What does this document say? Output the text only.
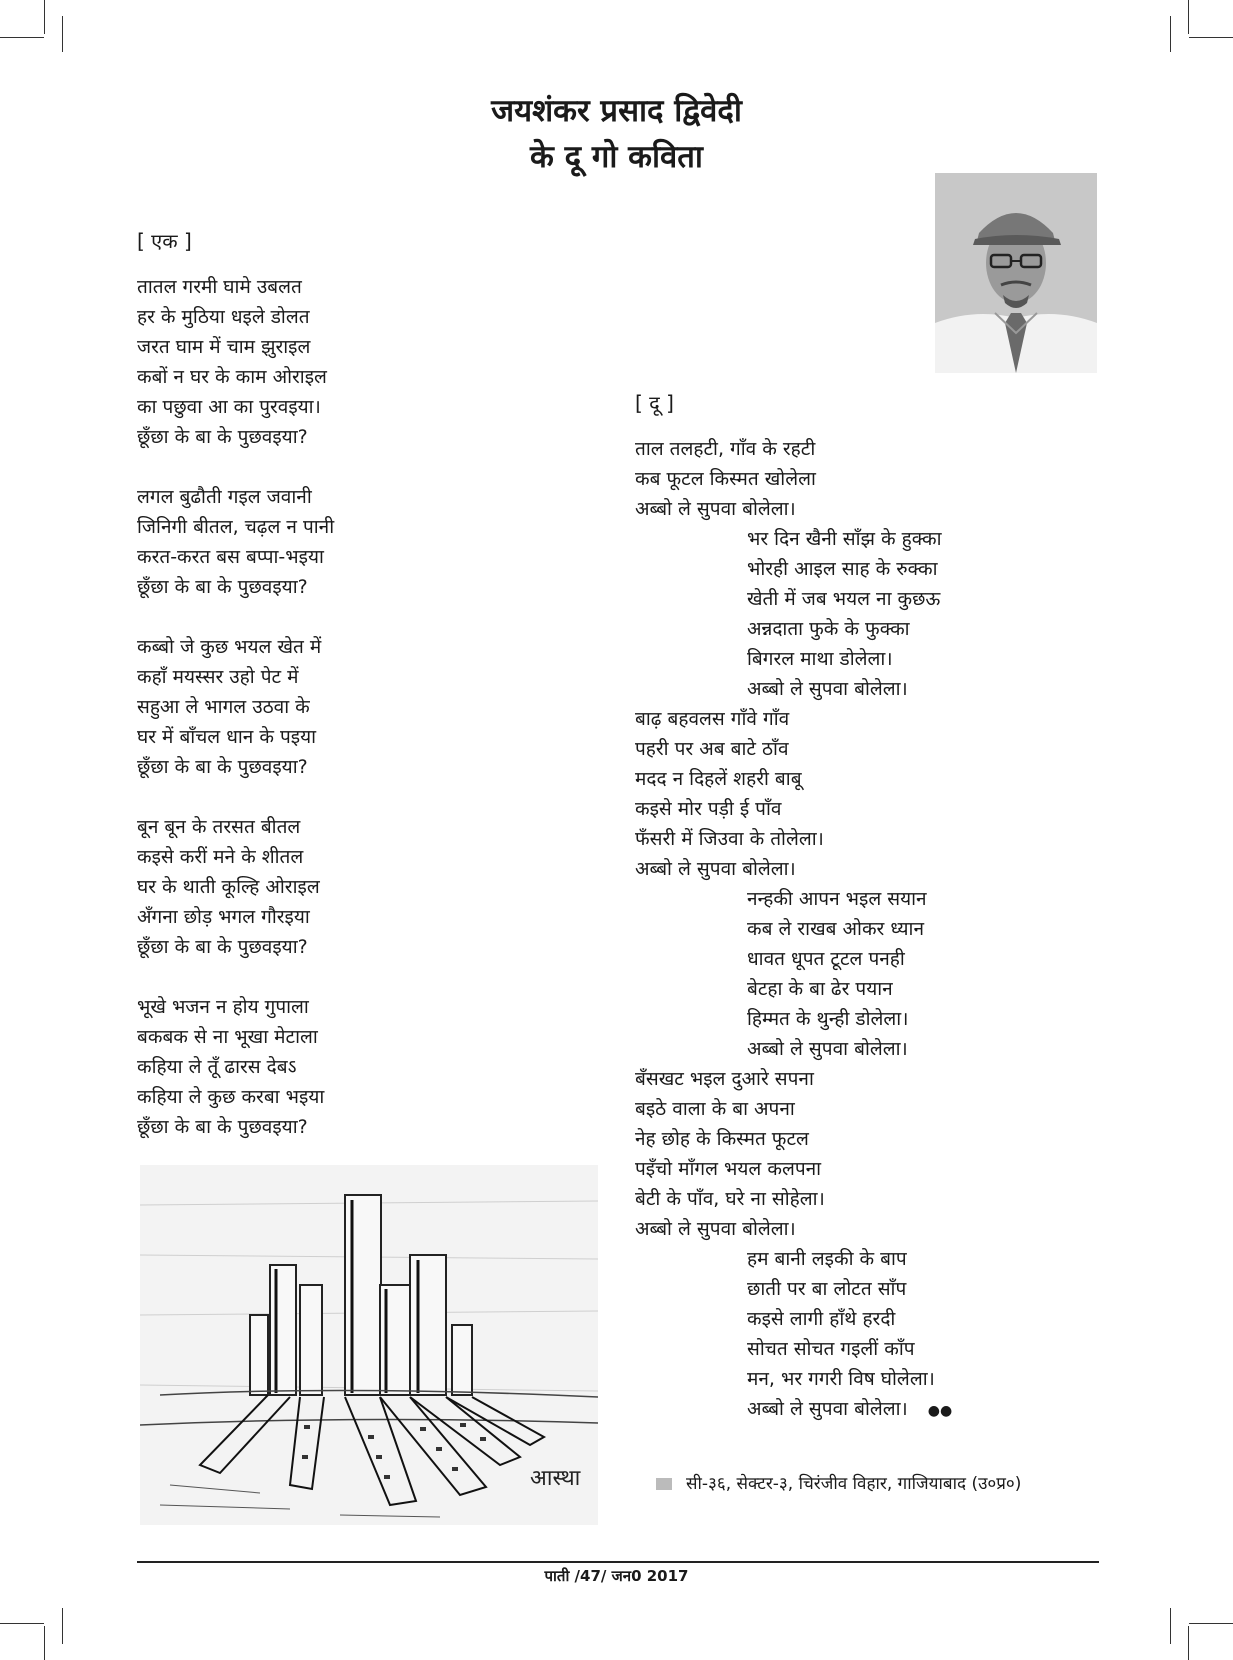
जयशंकर प्रसाद द्विवेदी
के दू गो कविता
[ एक ]
तातल गरमी घामे उबलत
हर के मुठिया धइले डोलत
जरत घाम में चाम झुराइल
कबों न घर के काम ओराइल
का पछुवा आ का पुरवइया।
छूँछा के बा के पुछवइया?
लगल बुढौती गइल जवानी
जिनिगी बीतल, चढ़ल न पानी
करत-करत बस बप्पा-भइया
छूँछा के बा के पुछवइया?
कब्बो जे कुछ भयल खेत में
कहाँ मयस्सर उहो पेट में
सहुआ ले भागल उठवा के
घर में बाँचल धान के पइया
छूँछा के बा के पुछवइया?
बून बून के तरसत बीतल
कइसे करीं मने के शीतल
घर के थाती कूल्हि ओराइल
अँगना छोड़ भगल गौरइया
छूँछा के बा के पुछवइया?
भूखे भजन न होय गुपाला
बकबक से ना भूखा मेटाला
कहिया ले तूँ ढारस देबऽ
कहिया ले कुछ करबा भइया
छूँछा के बा के पुछवइया?
[ दू ]
ताल तलहटी, गाँव के रहटी
कब फूटल किस्मत खोलेला
अब्बो ले सुपवा बोलेला।
भर दिन खैनी साँझ के हुक्का
भोरही आइल साह के रुक्का
खेती में जब भयल ना कुछऊ
अन्नदाता फुके के फुक्का
बिगरल माथा डोलेला।
अब्बो ले सुपवा बोलेला।
बाढ़ बहवलस गाँवे गाँव
पहरी पर अब बाटे ठाँव
मदद न दिहलें शहरी बाबू
कइसे मोर पड़ी ई पाँव
फँसरी में जिउवा के तोलेला।
अब्बो ले सुपवा बोलेला।
नन्हकी आपन भइल सयान
कब ले राखब ओकर ध्यान
धावत धूपत टूटल पनही
बेटहा के बा ढेर पयान
हिम्मत के थुन्ही डोलेला।
अब्बो ले सुपवा बोलेला।
बँसखट भइल दुआरे सपना
बइठे वाला के बा अपना
नेह छोह के किस्मत फूटल
पइँचो माँगल भयल कलपना
बेटी के पाँव, घरे ना सोहेला।
अब्बो ले सुपवा बोलेला।
हम बानी लइकी के बाप
छाती पर बा लोटत साँप
कइसे लागी हाँथे हरदी
सोचत सोचत गइलीं काँप
मन, भर गगरी विष घोलेला।
अब्बो ले सुपवा बोलेला। ●●
आस्था	सी-३६, सेक्टर-३, चिरंजीव विहार, गाजियाबाद (उ०प्र०)
पाती /47/ जन0 2017
